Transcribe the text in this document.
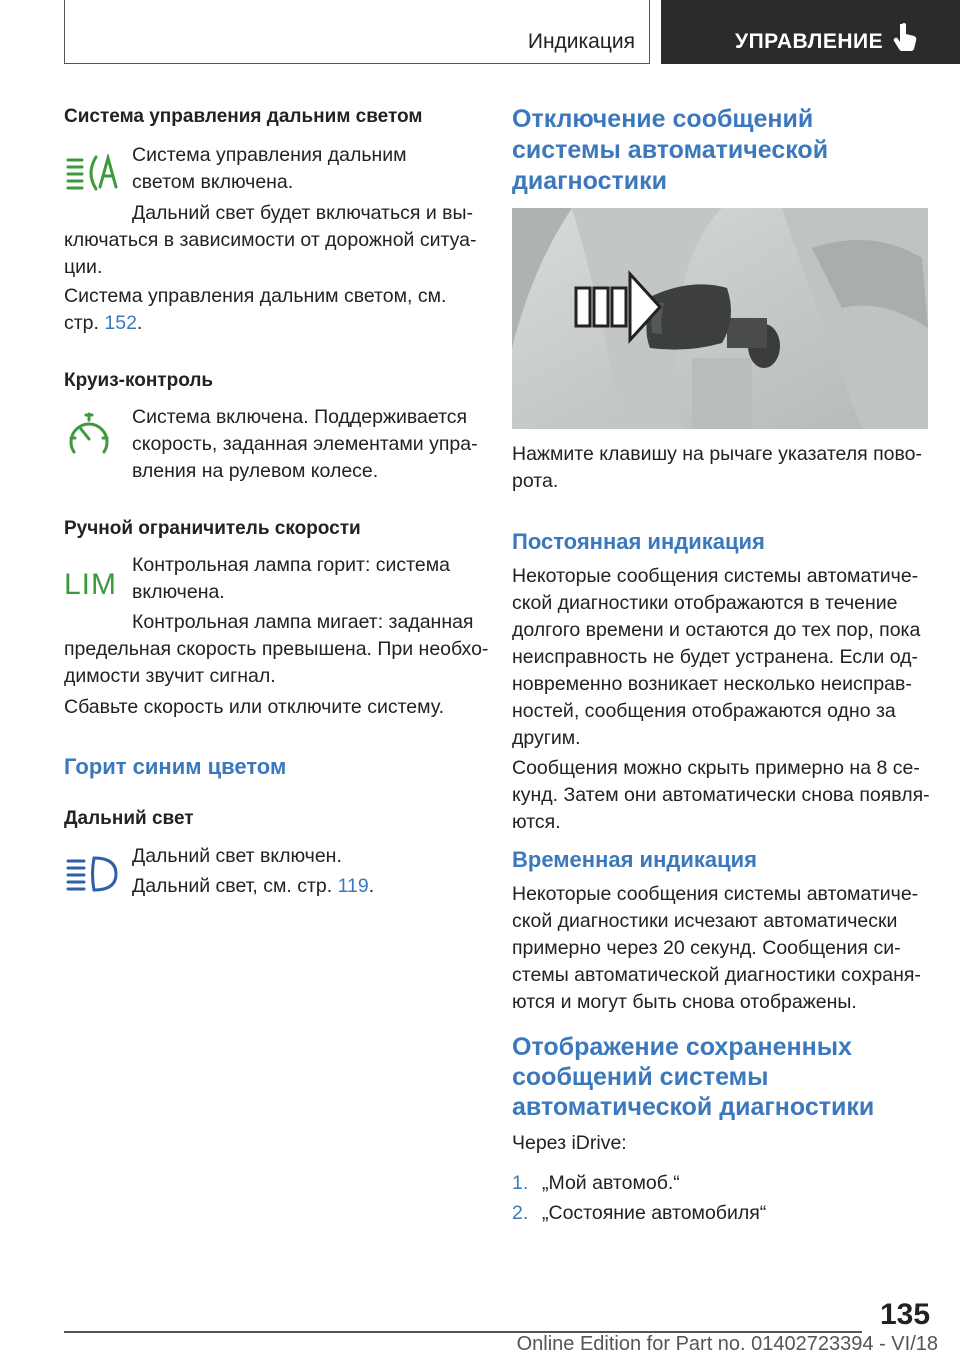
Индикация	УПРАВЛЕНИЕ
Система управления дальним светом
Система управления дальним светом включена.
Дальний свет будет включаться и вы-
ключаться в зависимости от дорожной ситуа-
ции.
Система управления дальним светом, см.
стр. 152.
Круиз-контроль
Система включена. Поддерживается
скорость, заданная элементами упра-
вления на рулевом колесе.
Ручной ограничитель скорости
LIM
Контрольная лампа горит: система
включена.
Контрольная лампа мигает: заданная
предельная скорость превышена. При необхо-
димости звучит сигнал.
Сбавьте скорость или отключите систему.
Горит синим цветом
Дальний свет
Дальний свет включен.
Дальний свет, см. стр. 119.
Отключение сообщений
системы автоматической
диагностики
Нажмите клавишу на рычаге указателя пово-
рота.
Постоянная индикация
Некоторые сообщения системы автоматиче-
ской диагностики отображаются в течение
долгого времени и остаются до тех пор, пока
неисправность не будет устранена. Если од-
новременно возникает несколько неисправ-
ностей, сообщения отображаются одно за
другим.
Сообщения можно скрыть примерно на 8 се-
кунд. Затем они автоматически снова появля-
ются.
Временная индикация
Некоторые сообщения системы автоматиче-
ской диагностики исчезают автоматически
примерно через 20 секунд. Сообщения си-
стемы автоматической диагностики сохраня-
ются и могут быть снова отображены.
Отображение сохраненных
сообщений системы
автоматической диагностики
Через iDrive:
1. „Мой автомоб.“
2. „Состояние автомобиля“
135
Online Edition for Part no. 01402723394 - VI/18
